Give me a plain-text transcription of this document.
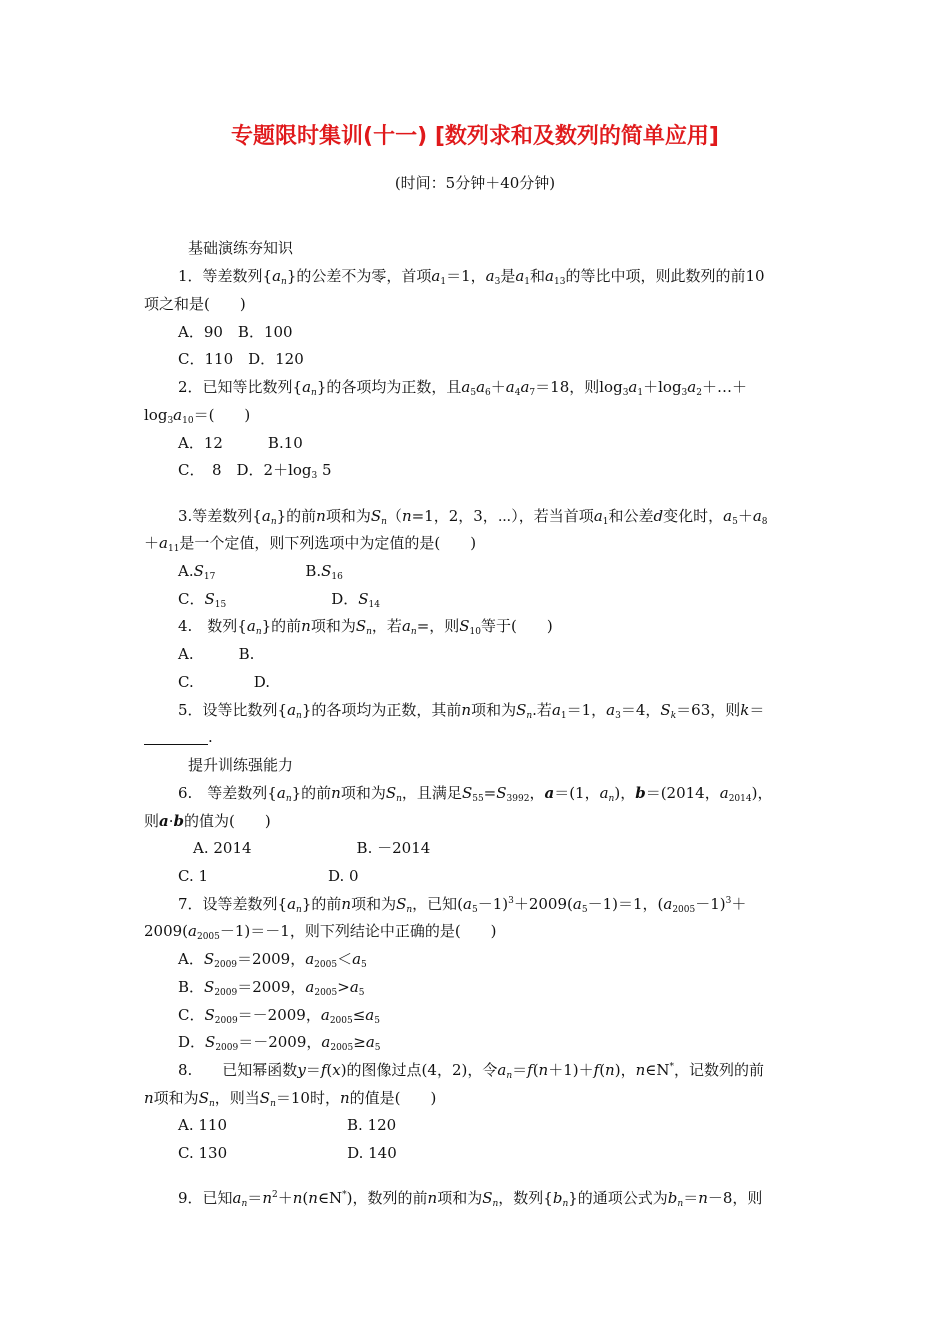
专题限时集训(十一) [数列求和及数列的简单应用]
(时间：5分钟＋40分钟)
基础演练夯知识
1．等差数列$\{a_n\}$的公差不为零，首项$a_1=1$，$a_3$是$a_1$和$a_{13}$的等比中项，则此数列的前10
项之和是(　　)
A．90　B．100
C．110　D．120
2．已知等比数列$\{a_n\}$的各项均为正数，且$a_5a_6+a_4a_7=18$，则$\log_3a_1+\log_3a_2+\dots+$
$\log_3a_{10}=$(　　)
A．12　　　B.10
C．　8　D．$2+\log_3$ 5
3.等差数列$\{a_n\}$的前n项和为$S_n(n=1$，2，3，⋯），若当首项$a_1$和公差d变化时，$a_5+a_8$
$+a_{11}$是一个定值，则下列选项中为定值的是(　　)
$A.S_{17}$　　　　　　$B.S_{16}$
C．$S_{15}$　　　　　　　D．$S_{14}$
4.　数列$\{a_n\}$的前n项和为$S_n$，若$a_n=$，则$S_{10}$等于(　　)
A.　　　B.
C.　　　　D.
5．设等比数列$\{a_n\}$的各项均为正数，其前n项和为$S_n$.若$a_1=1$，$a_3=4$，$S_k=63$，则k＝
.
提升训练强能力
6.　等差数列$\{a_n\}$的前n项和为$S_n$，且满足$S_{55}=S_{3992}$，a＝(1，$a_n$)，b＝(2014，$a_{2014}$)，
则a·b的值为(　　)
　A. 2014　　　　　　　B. －2014
C. 1　　　　　　　　D. 0
7．设等差数列$\{a_n\}$的前n项和为$S_n$，已知$(a_5-1)^3+2009(a_5-1)=1$，$(a_{2005}-1)^3+$
$2009(a_{2005}-1)=-1$，则下列结论中正确的是(　　)
A．$S_{2009}=2009$，$a_{2005}<a_5$
B．$S_{2009}=2009$，$a_{2005}>a_5$
C．$S_{2009}=-2009$，$a_{2005}\le a_5$
D．$S_{2009}=-2009$，$a_{2005}\ge a_5$
8.　　已知幂函数y＝f(x)的图像过点(4，2)，令$a_n=f(n+1)+f(n)$，n∈N*，记数列的前
n项和为$S_n$，则当$S_n=10$时，n的值是(　　)
A. 110　　　　　　　　B. 120
C. 130　　　　　　　　D. 140
9．已知$a_n=n^2+n(n\in N^*)$，数列的前n项和为$S_n$，数列$\{b_n\}$的通项公式为$b_n=n-8$，则
